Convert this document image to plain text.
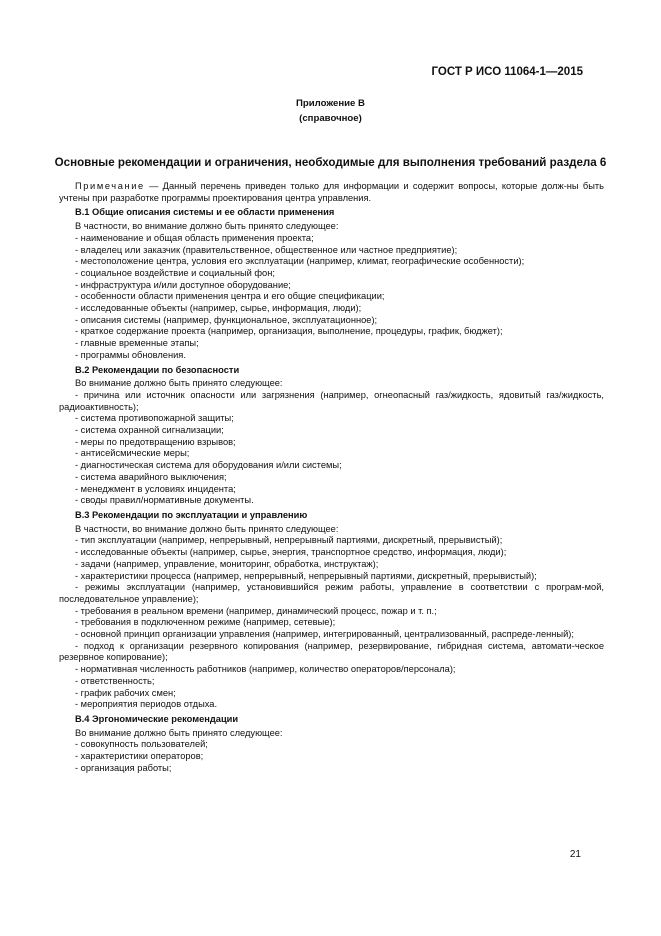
ГОСТ Р ИСО 11064-1—2015
Приложение В
(справочное)
Основные рекомендации и ограничения, необходимые для выполнения требований раздела 6

Примечание — Данный перечень приведен только для информации и содержит вопросы, которые долж-ны быть учтены при разработке программы проектирования центра управления.

В.1 Общие описания системы и ее области применения

В частности, во внимание должно быть принято следующее:

- наименование и общая область применения проекта;

- владелец или заказчик (правительственное, общественное или частное предприятие);

- местоположение центра, условия его эксплуатации (например, климат, географические особенности);

- социальное воздействие и социальный фон;

- инфраструктура и/или доступное оборудование;

- особенности области применения центра и его общие спецификации;

- исследованные объекты (например, сырье, информация, люди);

- описания системы (например, функциональное, эксплуатационное);

- краткое содержание проекта (например, организация, выполнение, процедуры, график, бюджет);

- главные временные этапы;

- программы обновления.

В.2 Рекомендации по безопасности

Во внимание должно быть принято следующее:

- причина или источник опасности или загрязнения (например, огнеопасный газ/жидкость, ядовитый газ/жидкость, радиоактивность);

- система противопожарной защиты;

- система охранной сигнализации;

- меры по предотвращению взрывов;

- антисейсмические меры;

- диагностическая система для оборудования и/или системы;

- система аварийного выключения;

- менеджмент в условиях инцидента;

- своды правил/нормативные документы.

В.3 Рекомендации по эксплуатации и управлению

В частности, во внимание должно быть принято следующее:

- тип эксплуатации (например, непрерывный, непрерывный партиями, дискретный, прерывистый);

- исследованные объекты (например, сырье, энергия, транспортное средство, информация, люди);

- задачи (например, управление, мониторинг, обработка, инструктаж);

- характеристики процесса (например, непрерывный, непрерывный партиями, дискретный, прерывистый);

- режимы эксплуатации (например, установившийся режим работы, управление в соответствии с програм-мой, последовательное управление);

- требования в реальном времени (например, динамический процесс, пожар и т. п.;

- требования в подключенном режиме (например, сетевые);

- основной принцип организации управления (например, интегрированный, централизованный, распреде-ленный);

- подход к организации резервного копирования (например, резервирование, гибридная система, автомати-ческое резервное копирование);

- нормативная численность работников (например, количество операторов/персонала);

- ответственность;

- график рабочих смен;

- мероприятия периодов отдыха.

В.4 Эргономические рекомендации

Во внимание должно быть принято следующее:

- совокупность пользователей;

- характеристики операторов;

- организация работы;

21
